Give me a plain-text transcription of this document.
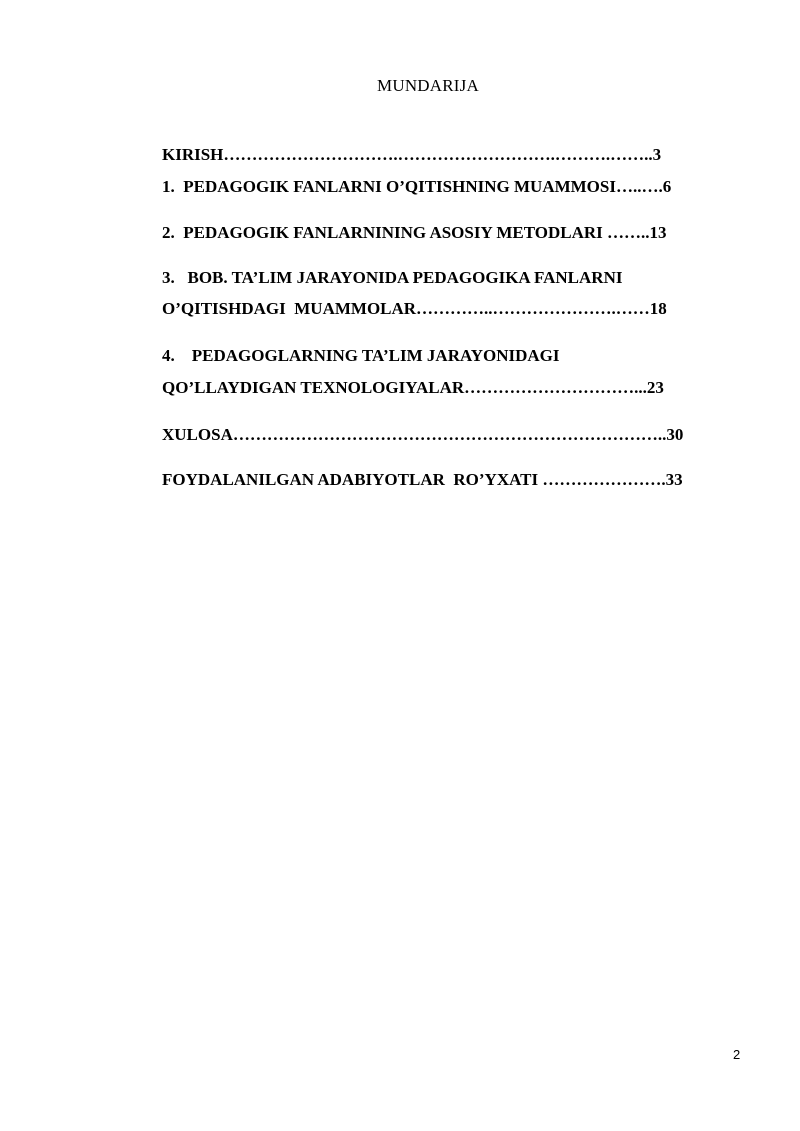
MUNDARIJA
KIRISH………………………….……………………….……….……..3
1.  PEDAGOGIK FANLARNI O’QITISHNING MUAMMOSI…..….6
2.  PEDAGOGIK FANLARNINING ASOSIY METODLARI ……..13
3.   BOB. TA’LIM JARAYONIDA PEDAGOGIKA FANLARNI
O’QITISHDAGI  MUAMMOLAR…………..………………….……18
4.    PEDAGOGLARNING TA’LIM JARAYONIDAGI
QO’LLAYDIGAN TEXNOLOGIYALAR…………………………...23
XULOSA…………………………………………………………………..30
FOYDALANILGAN ADABIYOTLAR  RO’YXATI ………………….33
2
